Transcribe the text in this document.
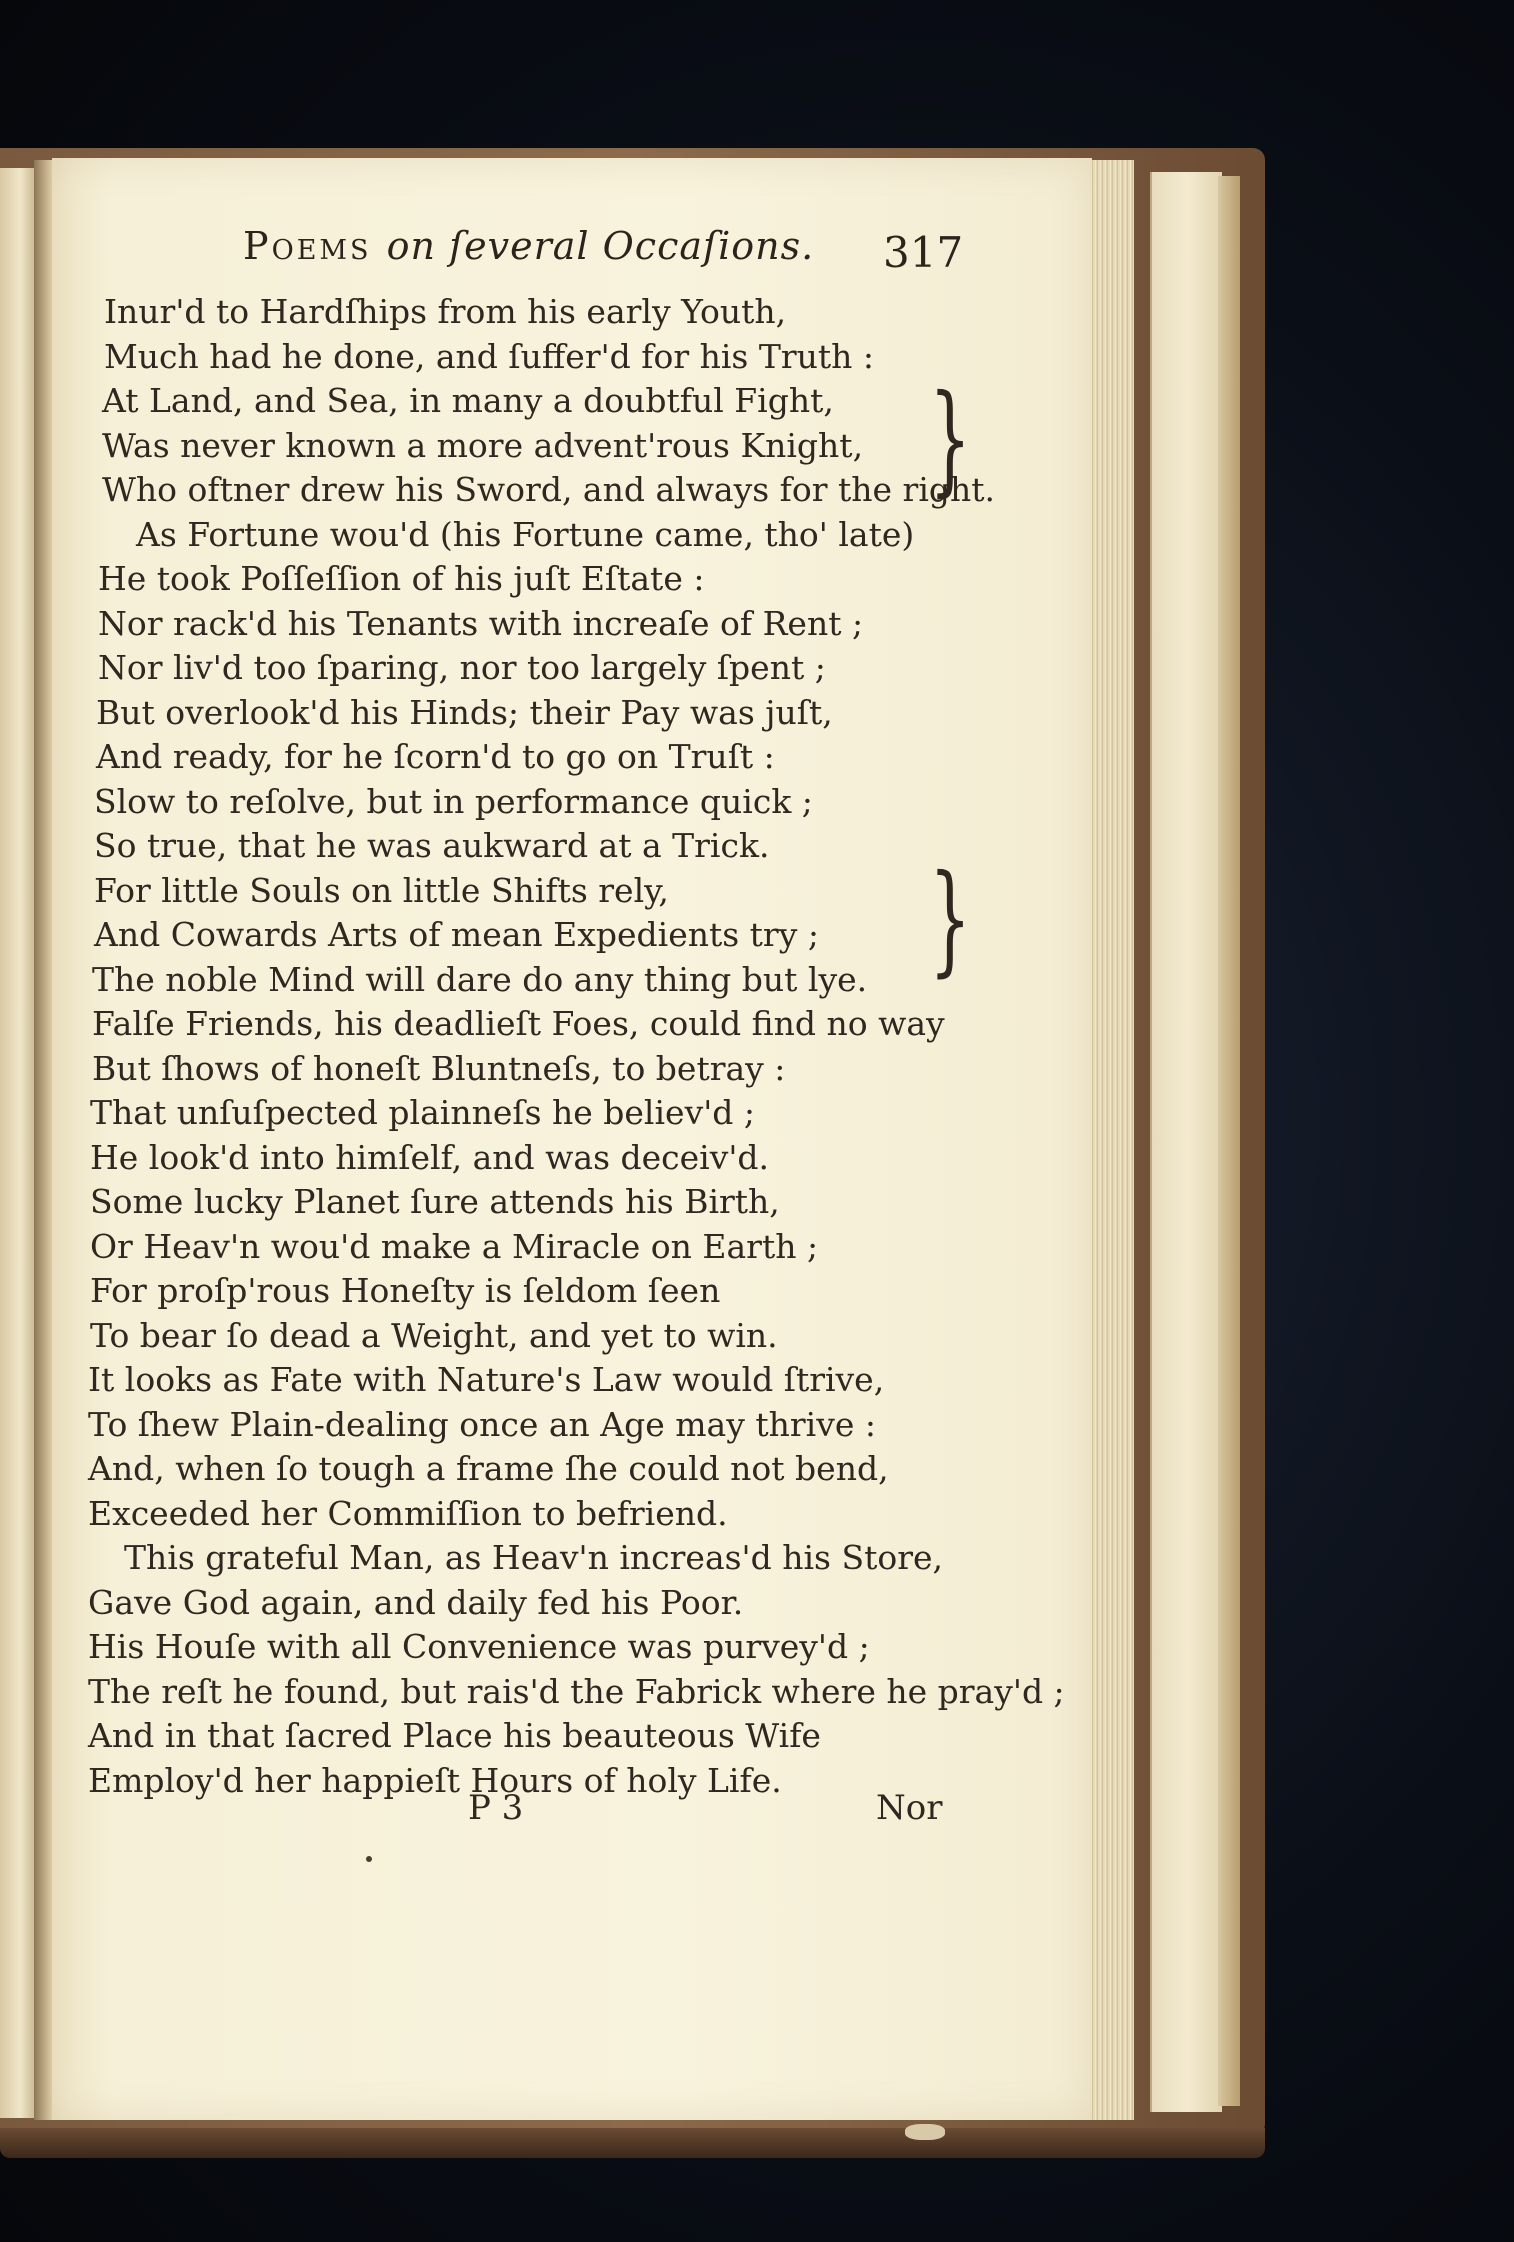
Poems on ſeveral Occaſions. 317
Inur'd to Hardſhips from his early Youth,
Much had he done, and ſuffer'd for his Truth :
At Land, and Sea, in many a doubtful Fight,
Was never known a more advent'rous Knight,
Who oftner drew his Sword, and always for the right.
As Fortune wou'd (his Fortune came, tho' late)
He took Poſſeſſion of his juſt Eſtate :
Nor rack'd his Tenants with increaſe of Rent ;
Nor liv'd too ſparing, nor too largely ſpent ;
But overlook'd his Hinds; their Pay was juſt,
And ready, for he ſcorn'd to go on Truſt :
Slow to reſolve, but in performance quick ;
So true, that he was aukward at a Trick.
For little Souls on little Shifts rely,
And Cowards Arts of mean Expedients try ;
The noble Mind will dare do any thing but lye.
Falſe Friends, his deadlieſt Foes, could find no way
But ſhows of honeſt Bluntneſs, to betray :
That unſuſpected plainneſs he believ'd ;
He look'd into himſelf, and was deceiv'd.
Some lucky Planet ſure attends his Birth,
Or Heav'n wou'd make a Miracle on Earth ;
For proſp'rous Honeſty is ſeldom ſeen
To bear ſo dead a Weight, and yet to win.
It looks as Fate with Nature's Law would ſtrive,
To ſhew Plain-dealing once an Age may thrive :
And, when ſo tough a frame ſhe could not bend,
Exceeded her Commiſſion to befriend.
This grateful Man, as Heav'n increas'd his Store,
Gave God again, and daily fed his Poor.
His Houſe with all Convenience was purvey'd ;
The reſt he found, but rais'd the Fabrick where he pray'd ;
And in that ſacred Place his beauteous Wife
Employ'd her happieſt Hours of holy Life.
}
}
P 3	Nor
